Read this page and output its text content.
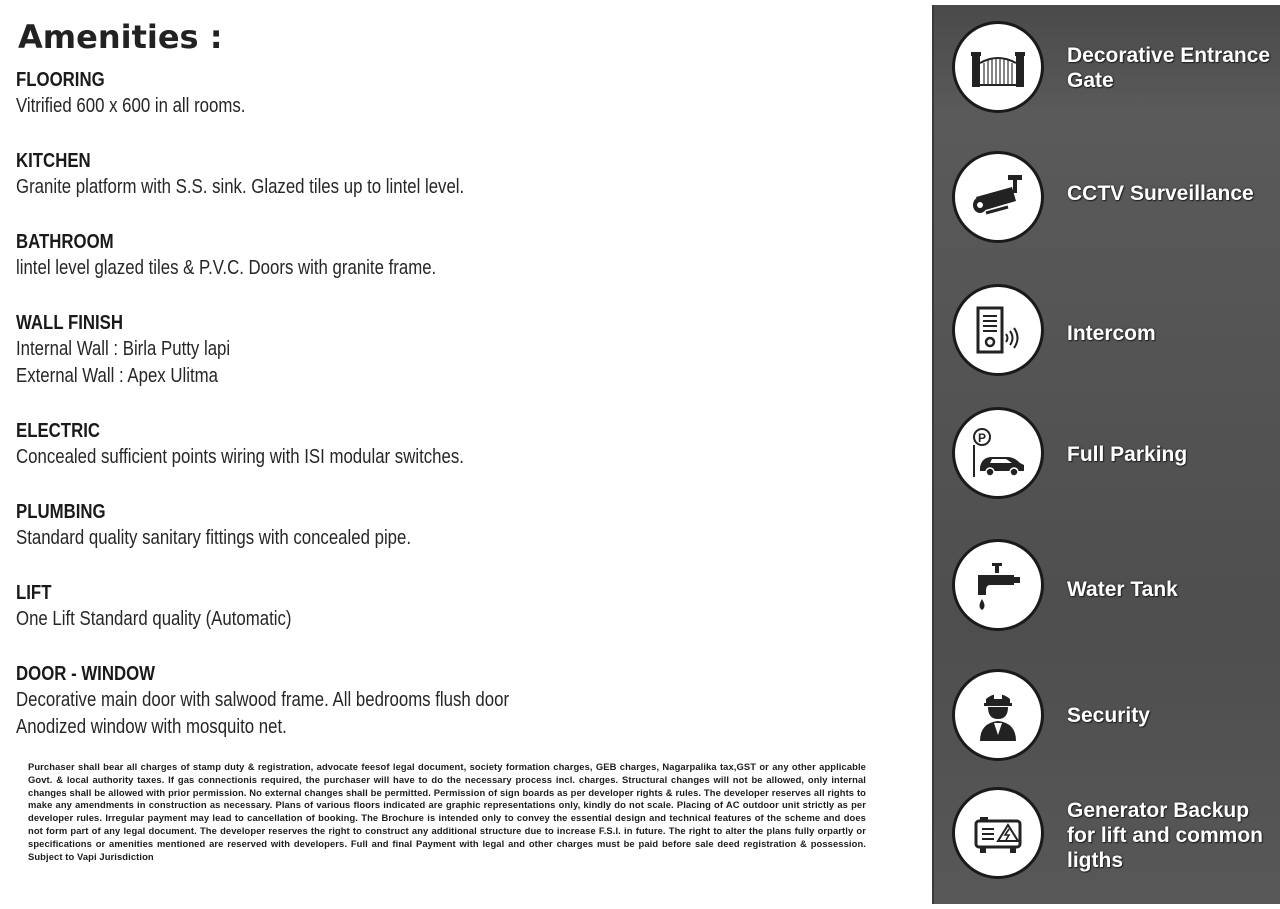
Amenities :
FLOORING
Vitrified 600 x 600 in all rooms.
KITCHEN
Granite platform with S.S. sink. Glazed tiles up to lintel level.
BATHROOM
lintel level glazed tiles & P.V.C. Doors with granite frame.
WALL FINISH
Internal Wall : Birla Putty lapi
External Wall : Apex Ulitma
ELECTRIC
Concealed sufficient points wiring with ISI modular switches.
PLUMBING
Standard quality sanitary fittings with concealed pipe.
LIFT
One Lift Standard quality (Automatic)
DOOR - WINDOW
Decorative main door with salwood frame. All bedrooms flush door
Anodized window with mosquito net.
Purchaser shall bear all charges of stamp duty & registration, advocate feesof legal document, society formation charges, GEB charges, Nagarpalika tax,GST or any other applicable Govt. & local authority taxes. If gas connectionis required, the purchaser will have to do the necessary process incl. charges. Structural changes will not be allowed, only internal changes shall be allowed with prior permission. No external changes shall be permitted. Permission of sign boards as per developer rights & rules. The developer reserves all rights to make any amendments in construction as necessary. Plans of various floors indicated are graphic representations only, kindly do not scale. Placing of AC outdoor unit strictly as per developer rules. Irregular payment may lead to cancellation of booking. The Brochure is intended only to convey the essential design and technical features of the scheme and does not form part of any legal document. The developer reserves the right to construct any additional structure due to increase F.S.I. in future. The right to alter the plans fully orpartly or specifications or amenities mentioned are reserved with developers. Full and final Payment with legal and other charges must be paid before sale deed registration & possession. Subject to Vapi Jurisdiction
Decorative Entrance Gate
CCTV Surveillance
Intercom
P
Full Parking
Water Tank
Security
Generator Backup for lift and common ligths
